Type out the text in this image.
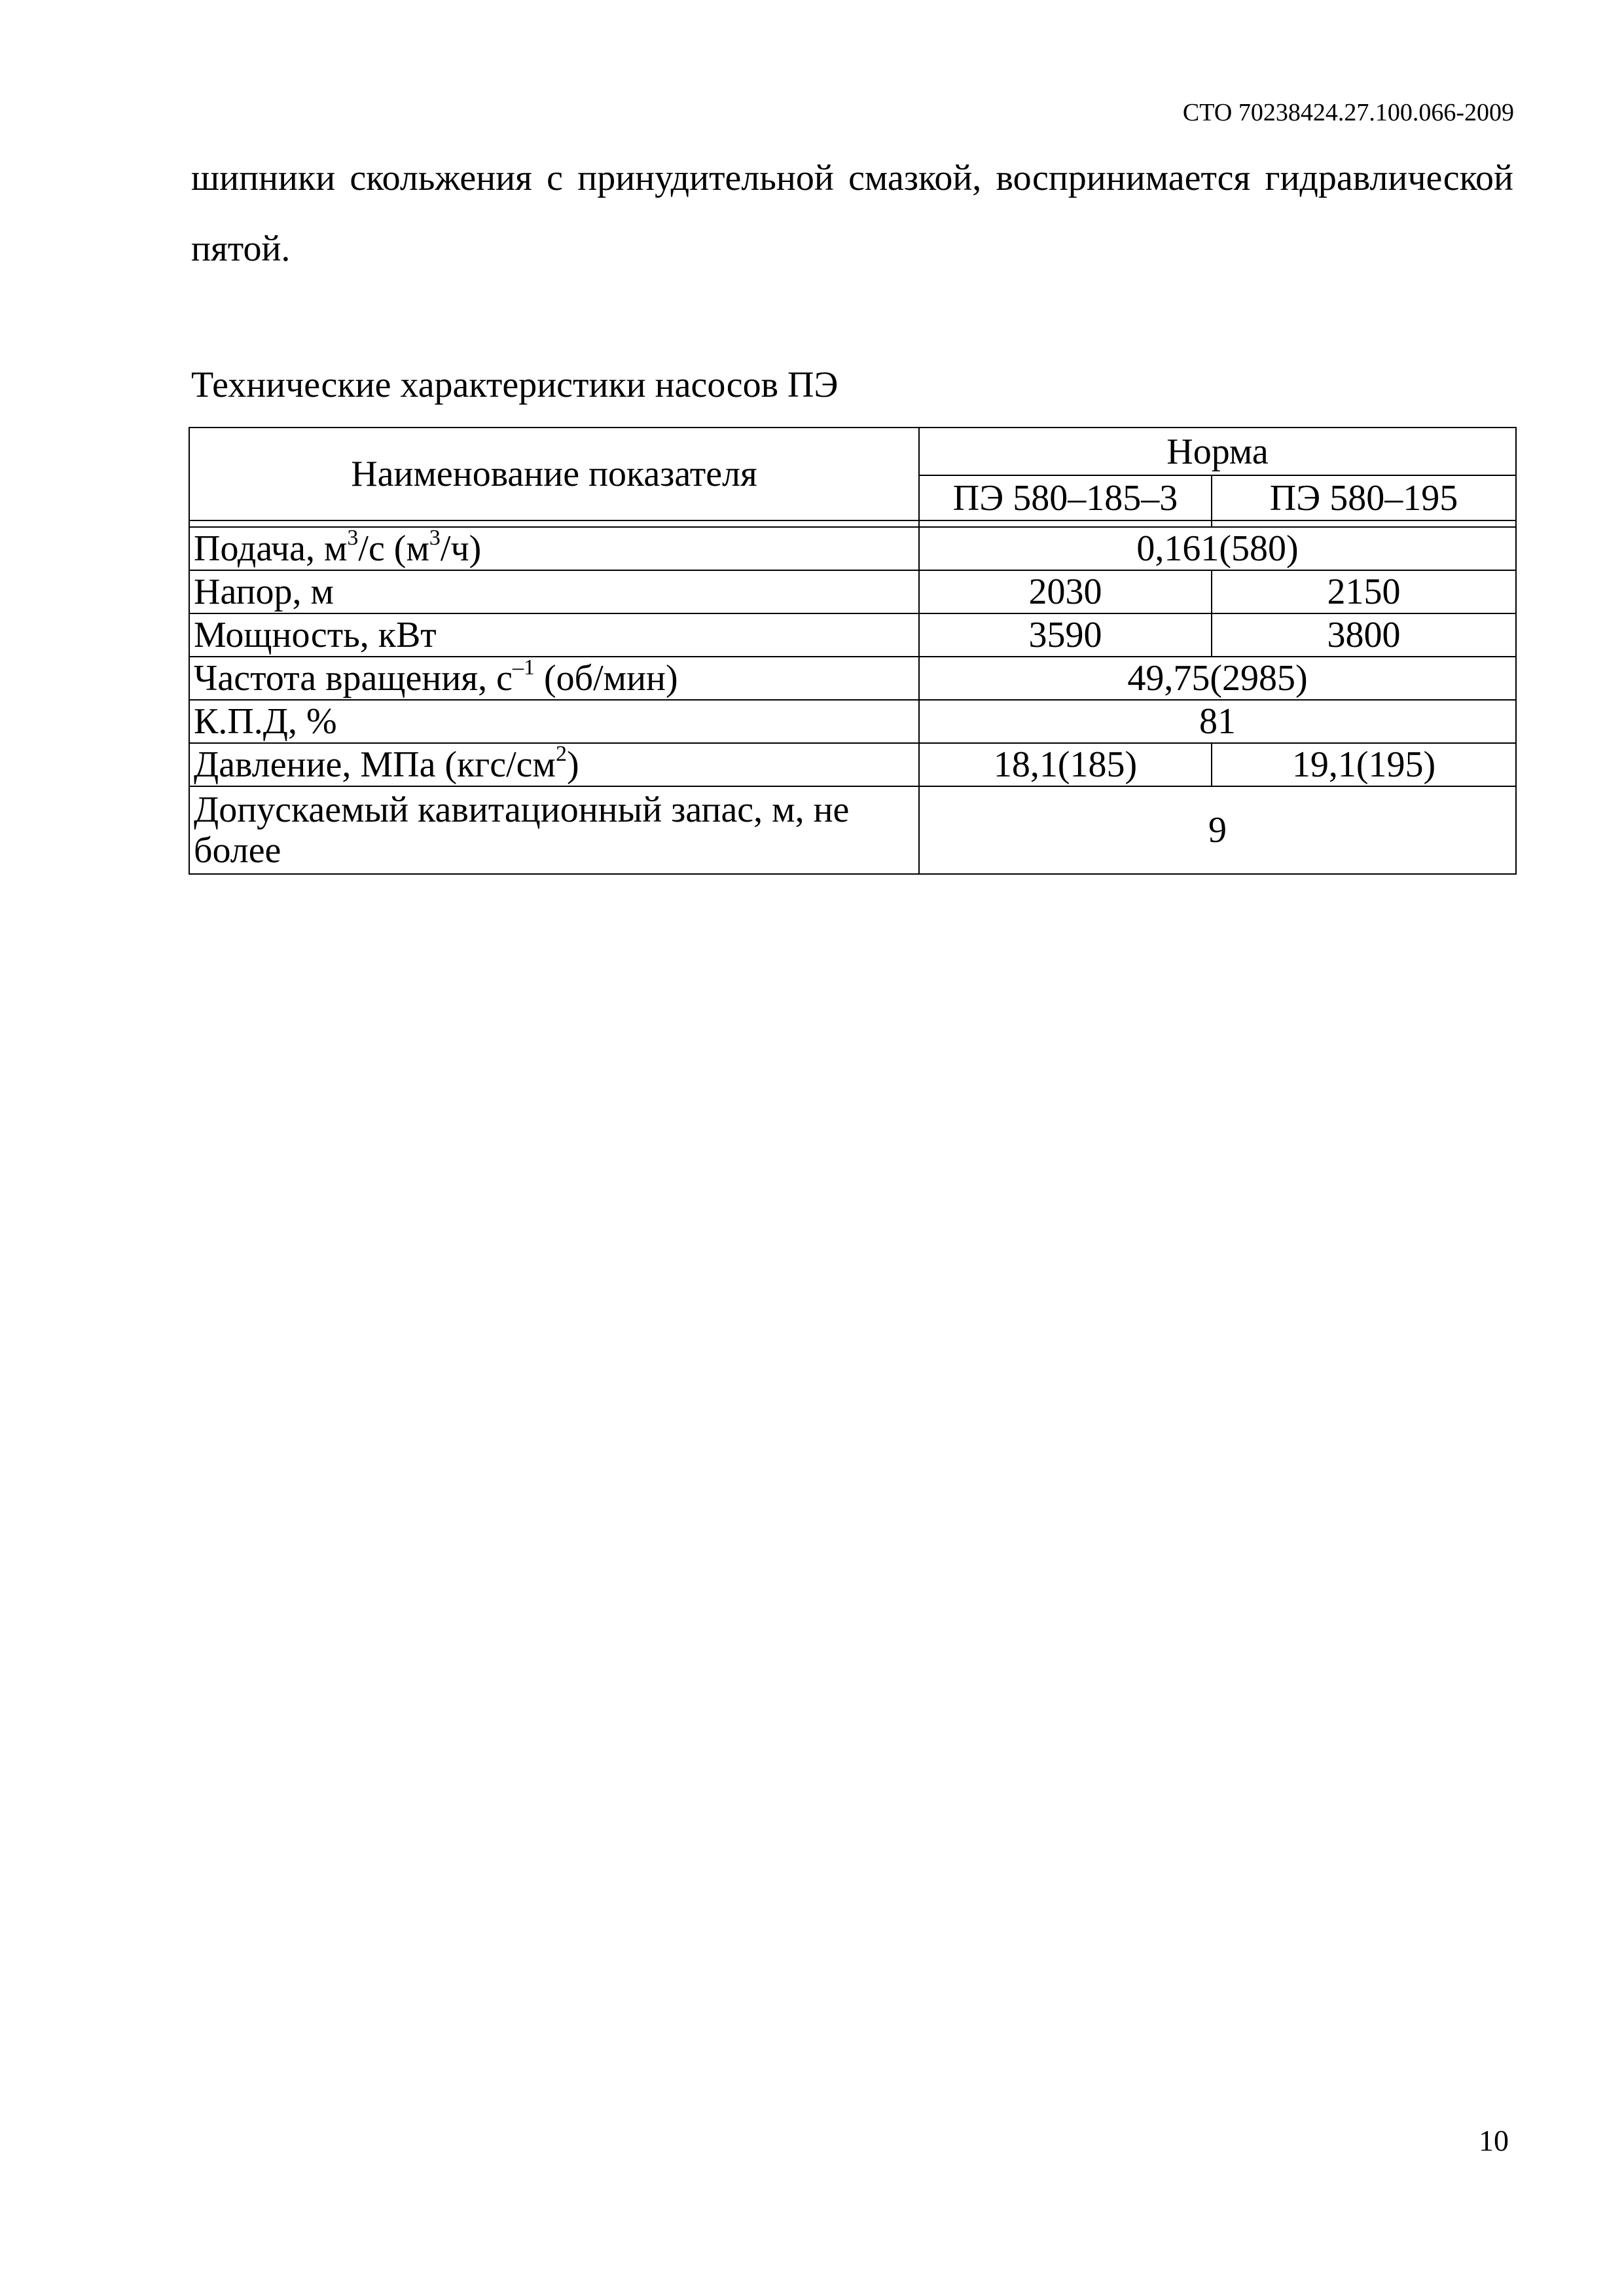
СТО 70238424.27.100.066-2009

шипники скольжения с принудительной смазкой, воспринимается гидравлической пятой.

Технические характеристики насосов ПЭ

Наименование показателя	Норма	
	ПЭ 580–185–3	ПЭ 580–195

Подача, $м^3/с$ $(м^3/ч)$	0,161(580)	
Напор, м	2030	2150
Мощность, кВт	3590	3800
Частота вращения, $с^{-1}$ (об/мин)	49,75(2985)	
К.П.Д, %	81	
Давление, МПа $(кгс/см^2)$	18,1(185)	19,1(195)
Допускаемый кавитационный запас, м, не более	9	
10
